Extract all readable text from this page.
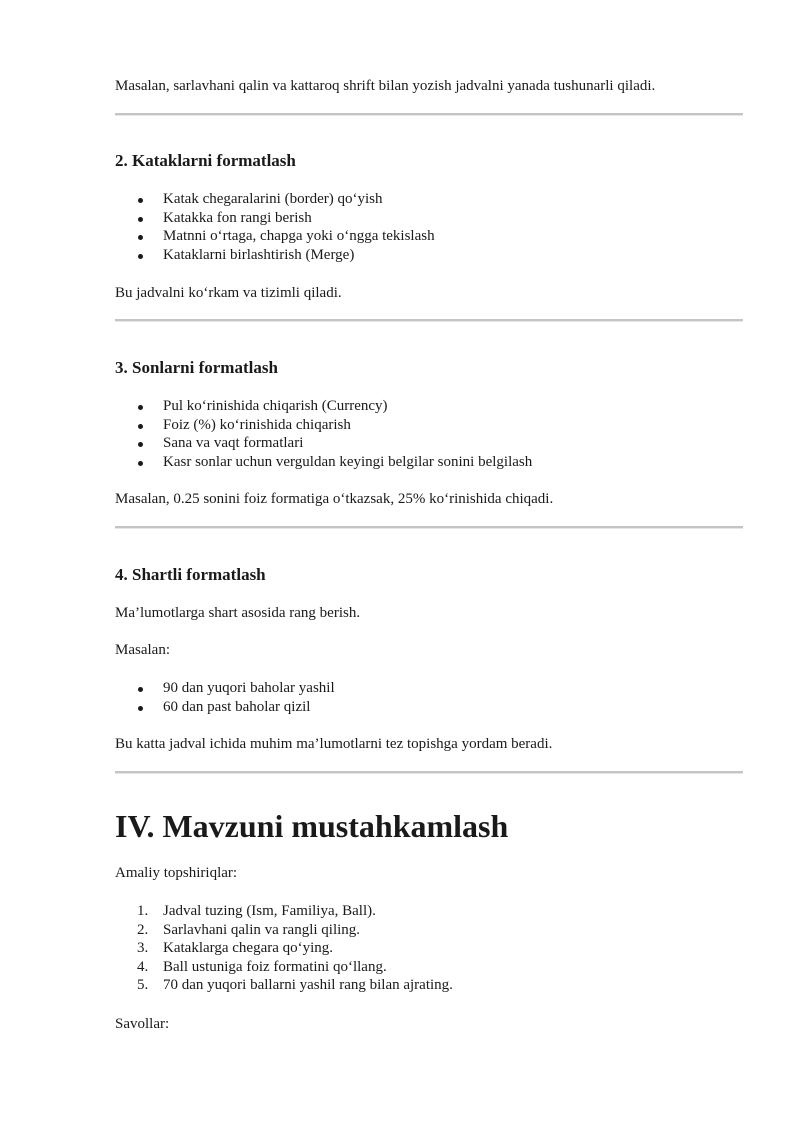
Masalan, sarlavhani qalin va kattaroq shrift bilan yozish jadvalni yanada tushunarli qiladi.

2. Kataklarni formatlash
Katak chegaralarini (border) qo‘yish
Katakka fon rangi berish
Matnni o‘rtaga, chapga yoki o‘ngga tekislash
Kataklarni birlashtirish (Merge)

Bu jadvalni ko‘rkam va tizimli qiladi.

3. Sonlarni formatlash
Pul ko‘rinishida chiqarish (Currency)
Foiz (%) ko‘rinishida chiqarish
Sana va vaqt formatlari
Kasr sonlar uchun verguldan keyingi belgilar sonini belgilash

Masalan, 0.25 sonini foiz formatiga o‘tkazsak, 25% ko‘rinishida chiqadi.

4. Shartli formatlash

Ma’lumotlarga shart asosida rang berish.

Masalan:

90 dan yuqori baholar yashil
60 dan past baholar qizil

Bu katta jadval ichida muhim ma’lumotlarni tez topishga yordam beradi.

IV. Mavzuni mustahkamlash

Amaliy topshiriqlar:

1. Jadval tuzing (Ism, Familiya, Ball).
2. Sarlavhani qalin va rangli qiling.
3. Kataklarga chegara qo‘ying.
4. Ball ustuniga foiz formatini qo‘llang.
5. 70 dan yuqori ballarni yashil rang bilan ajrating.

Savollar:
